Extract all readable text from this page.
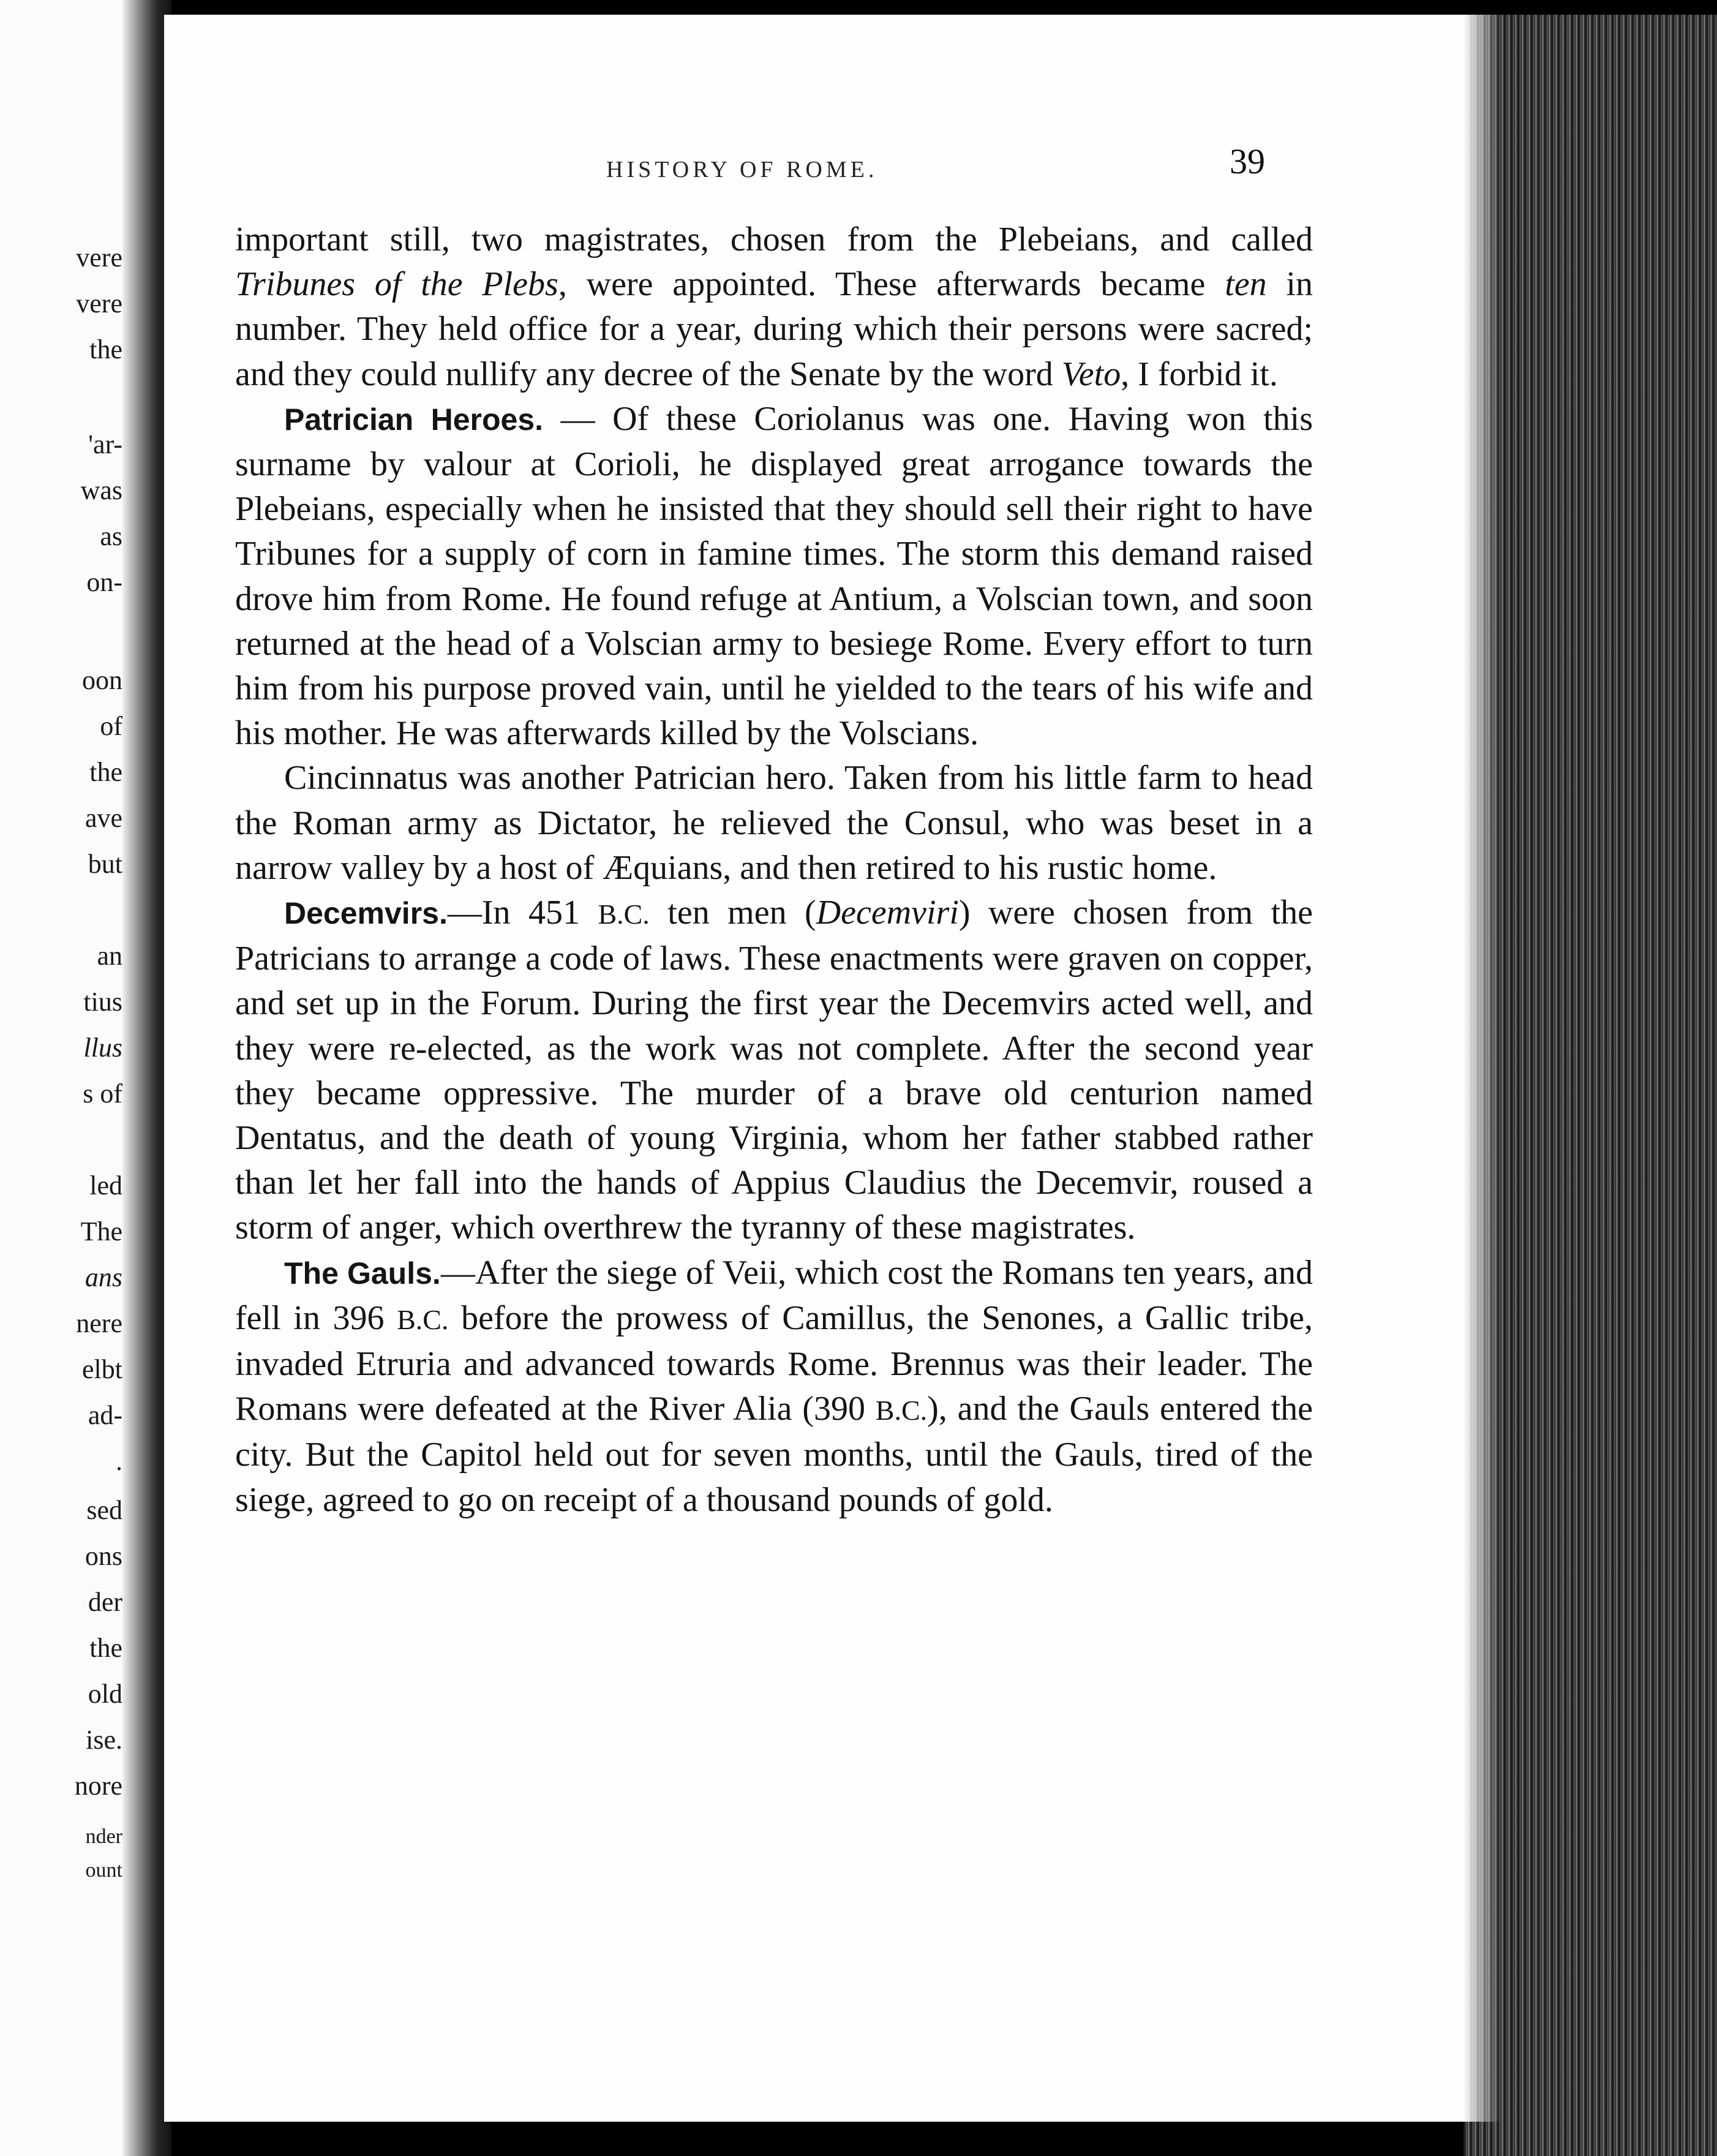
vere
vere
the
'ar-
was
as
on-
oon
of
the
ave
but
an
tius
llus
s of
led
The
ans
nere
elbt
ad-
.
sed
ons
der
the
old
ise.
nore
nder
ount
HISTORY OF ROME.	39

important still, two magistrates, chosen from the Plebeians, and called Tribunes of the Plebs, were appointed. These afterwards became ten in number. They held office for a year, during which their persons were sacred; and they could nullify any decree of the Senate by the word Veto, I forbid it.

Patrician Heroes. — Of these Coriolanus was one. Having won this surname by valour at Corioli, he displayed great arrogance towards the Plebeians, especially when he insisted that they should sell their right to have Tribunes for a supply of corn in famine times. The storm this demand raised drove him from Rome. He found refuge at Antium, a Volscian town, and soon returned at the head of a Volscian army to besiege Rome. Every effort to turn him from his purpose proved vain, until he yielded to the tears of his wife and his mother. He was afterwards killed by the Volscians.

Cincinnatus was another Patrician hero. Taken from his little farm to head the Roman army as Dictator, he relieved the Consul, who was beset in a narrow valley by a host of Æquians, and then retired to his rustic home.

Decemvirs.—In 451 B.C. ten men (Decemviri) were chosen from the Patricians to arrange a code of laws. These enactments were graven on copper, and set up in the Forum. During the first year the Decemvirs acted well, and they were re-elected, as the work was not complete. After the second year they became oppressive. The murder of a brave old centurion named Dentatus, and the death of young Virginia, whom her father stabbed rather than let her fall into the hands of Appius Claudius the Decemvir, roused a storm of anger, which overthrew the tyranny of these magistrates.

The Gauls.—After the siege of Veii, which cost the Romans ten years, and fell in 396 B.C. before the prowess of Camillus, the Senones, a Gallic tribe, invaded Etruria and advanced towards Rome. Brennus was their leader. The Romans were defeated at the River Alia (390 B.C.), and the Gauls entered the city. But the Capitol held out for seven months, until the Gauls, tired of the siege, agreed to go on receipt of a thousand pounds of gold.
